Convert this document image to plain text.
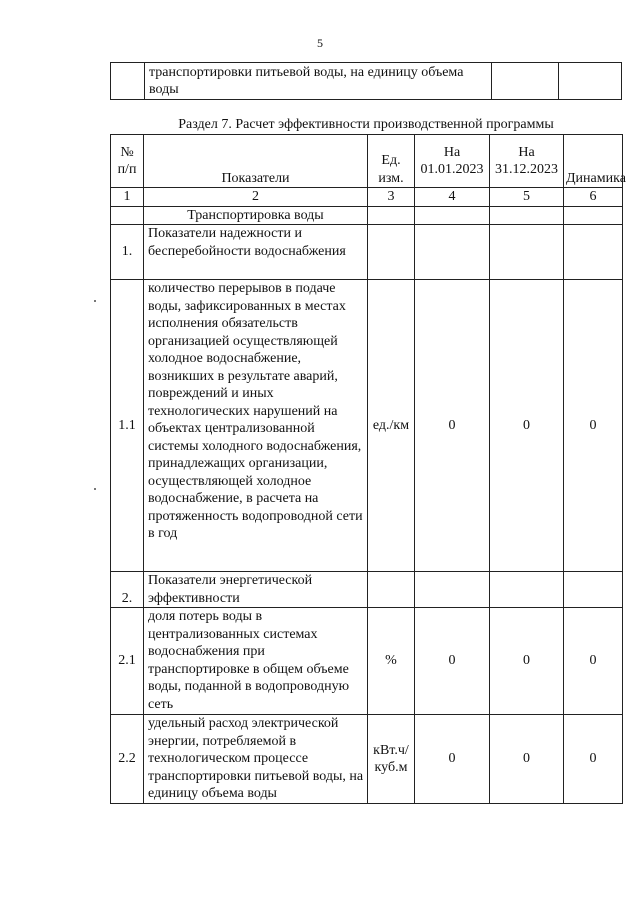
5
	транспортировки питьевой воды, на единицу объема воды		
Раздел 7. Расчет эффективности производственной программы
№ п/п	Показатели	Ед. изм.	На 01.01.2023	На 31.12.2023	Динамика
1	2	3	4	5	6
	Транспортировка воды				
1.	Показатели надежности и бесперебойности водоснабжения				
1.1	количество перерывов в подаче воды, зафиксированных в местах исполнения обязательств организацией осуществляющей холодное водоснабжение, возникших в результате аварий, повреждений и иных технологических нарушений на объектах централизованной системы холодного водоснабжения, принадлежащих организации, осуществляющей холодное водоснабжение, в расчета на протяженность водопроводной сети в год	ед./км	0	0	0
2.	Показатели энергетической эффективности				
2.1	доля потерь воды в централизованных системах водоснабжения при транспортировке в общем объеме воды, поданной в водопроводную сеть	%	0	0	0
2.2	удельный расход электрической энергии, потребляемой в технологическом процессе транспортировки питьевой воды, на единицу объема воды	кВт.ч/куб.м	0	0	0
